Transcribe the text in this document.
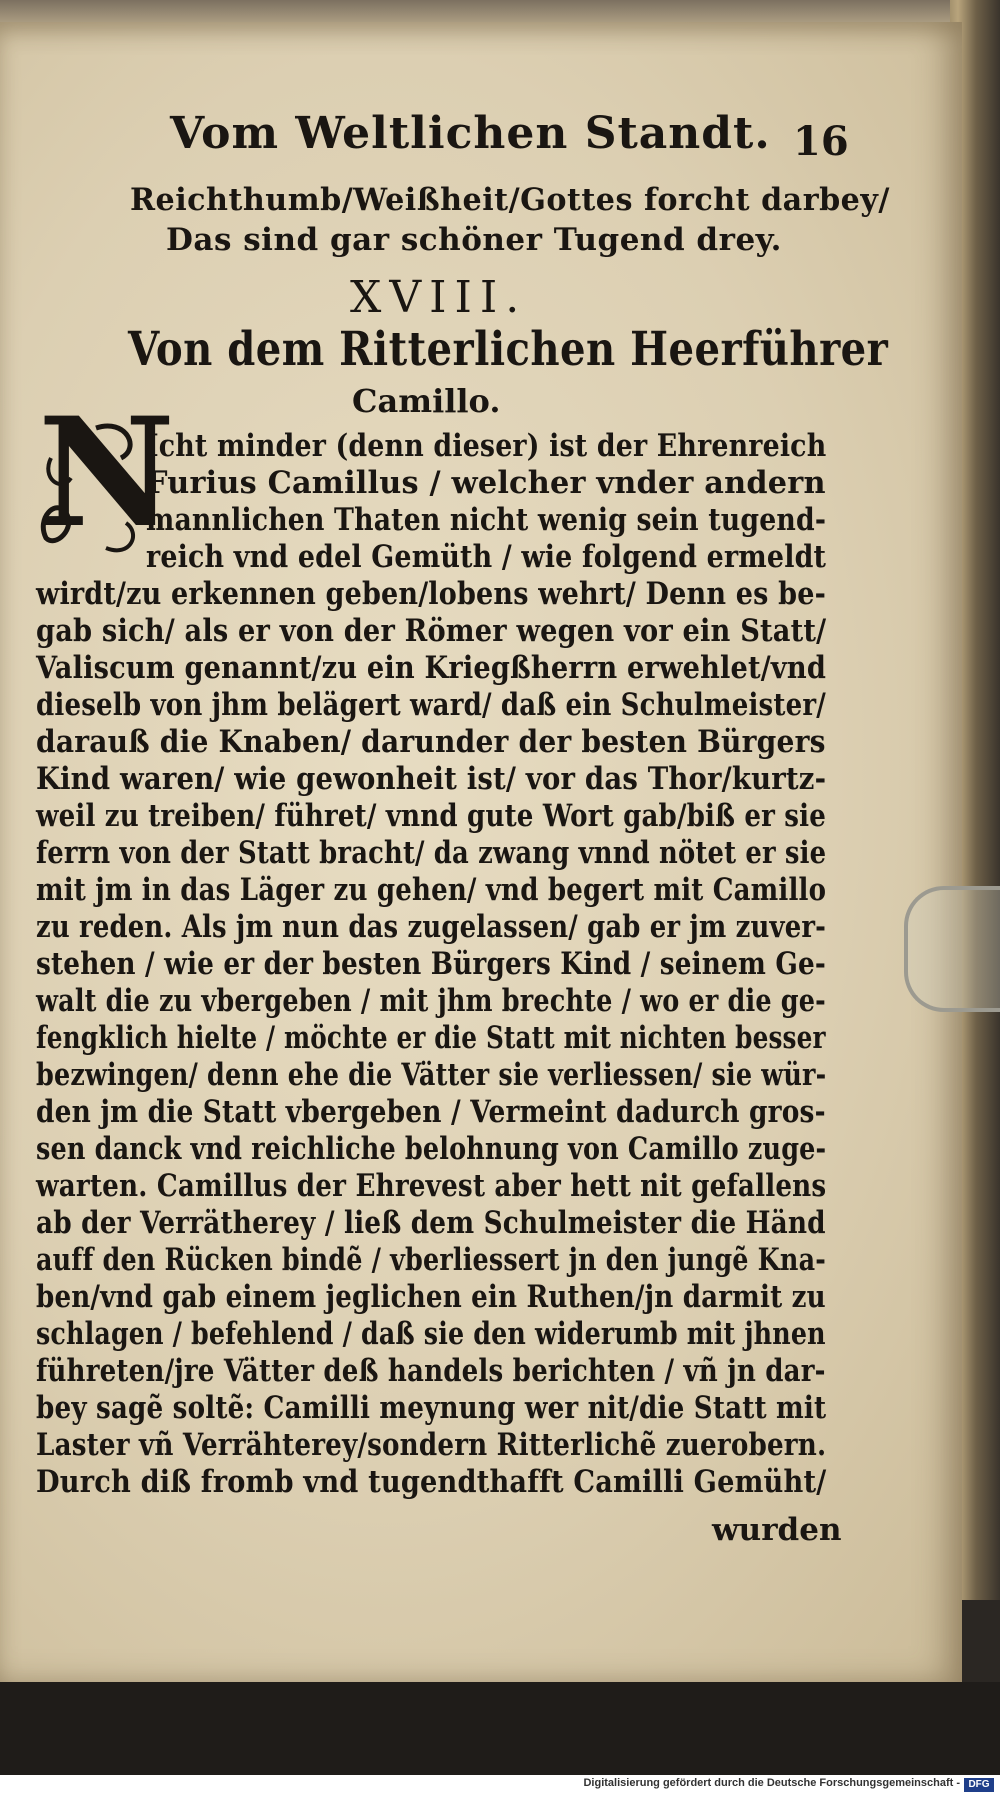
Vom Weltlichen Standt. 16
Reichthumb/Weißheit/Gottes forcht darbey/
Das sind gar schöner Tugend drey.
XVIII.
Von dem Ritterlichen Heerführer
Camillo.
N
Icht minder (denn dieser) ist der Ehrenreich
Furius Camillus / welcher vnder andern
mannlichen Thaten nicht wenig sein tugend-
reich vnd edel Gemüth / wie folgend ermeldt
wirdt/zu erkennen geben/lobens wehrt/ Denn es be-
gab sich/ als er von der Römer wegen vor ein Statt/
Valiscum genannt/zu ein Kriegßherrn erwehlet/vnd
dieselb von jhm belägert ward/ daß ein Schulmeister/
darauß die Knaben/ darunder der besten Bürgers
Kind waren/ wie gewonheit ist/ vor das Thor/kurtz-
weil zu treiben/ führet/ vnnd gute Wort gab/biß er sie
ferrn von der Statt bracht/ da zwang vnnd nötet er sie
mit jm in das Läger zu gehen/ vnd begert mit Camillo
zu reden. Als jm nun das zugelassen/ gab er jm zuver-
stehen / wie er der besten Bürgers Kind / seinem Ge-
walt die zu vbergeben / mit jhm brechte / wo er die ge-
fengklich hielte / möchte er die Statt mit nichten besser
bezwingen/ denn ehe die Vätter sie verliessen/ sie wür-
den jm die Statt vbergeben / Vermeint dadurch gros-
sen danck vnd reichliche belohnung von Camillo zuge-
warten. Camillus der Ehrevest aber hett nit gefallens
ab der Verrätherey / ließ dem Schulmeister die Händ
auff den Rücken bindẽ / vberliessert jn den jungẽ Kna-
ben/vnd gab einem jeglichen ein Ruthen/jn darmit zu
schlagen / befehlend / daß sie den widerumb mit jhnen
führeten/jre Vätter deß handels berichten / vñ jn dar-
bey sagẽ soltẽ: Camilli meynung wer nit/die Statt mit
Laster vñ Verrähterey/sondern Ritterlichẽ zuerobern.
Durch diß fromb vnd tugendthafft Camilli Gemüht/
wurden
Digitalisierung gefördert durch die Deutsche Forschungsgemeinschaft - DFG
